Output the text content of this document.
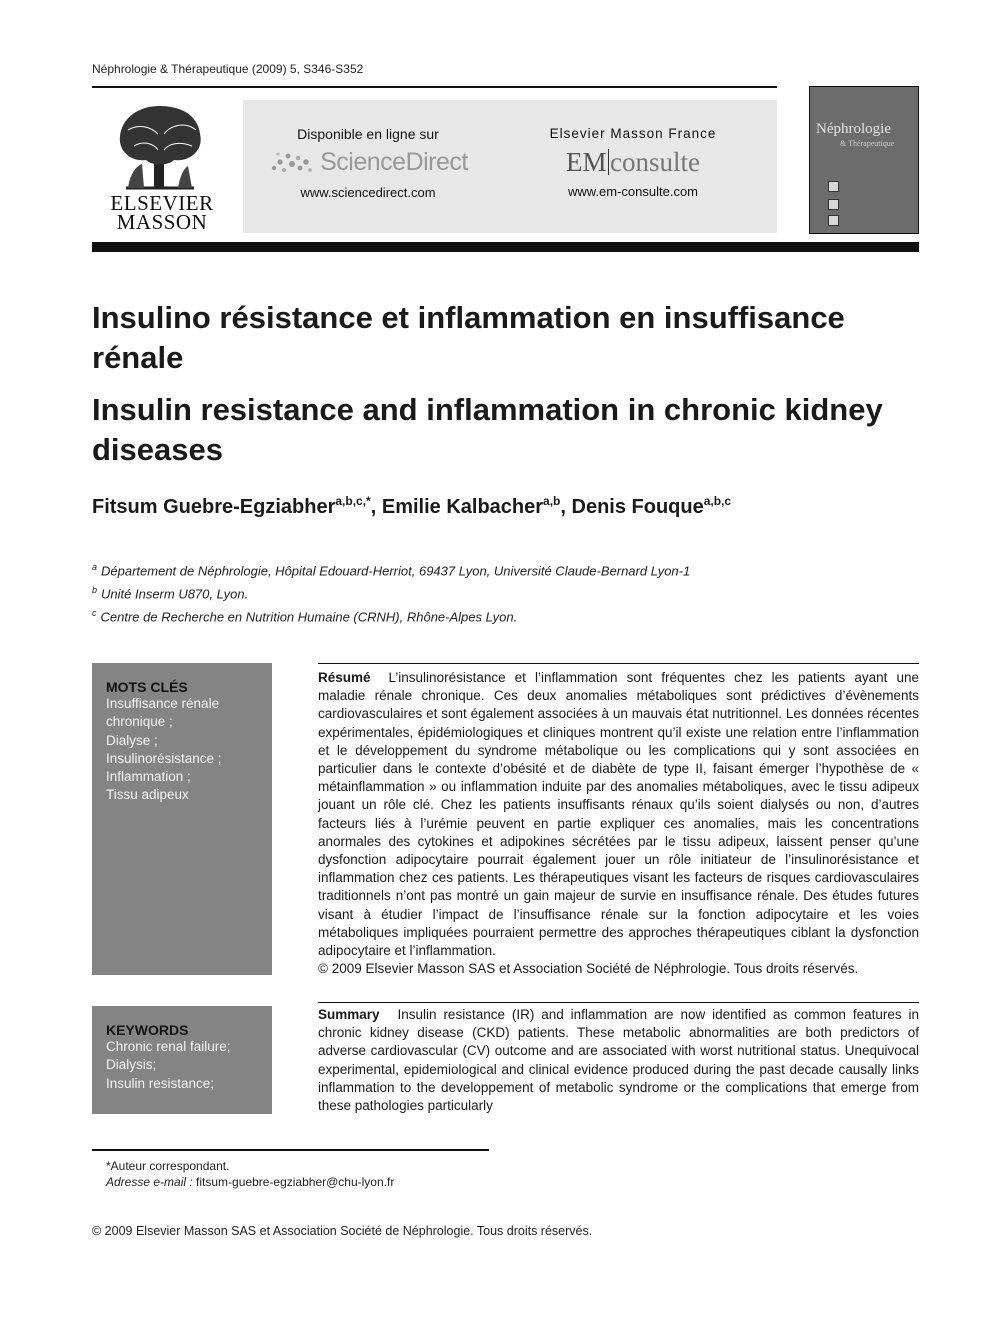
Néphrologie & Thérapeutique (2009) 5, S346-S352
ELSEVIER
MASSON
Disponible en ligne sur
ScienceDirect
www.sciencedirect.com
Elsevier Masson France
EM consulte
www.em-consulte.com
Néphrologie
& Thérapeutique
Insulino résistance et inflammation en insuffisance rénale
Insulin resistance and inflammation in chronic kidney diseases
Fitsum Guebre-Egziabher$^{a,b,c,*}$, Emilie Kalbacher$^{a,b}$, Denis Fouque$^{a,b,c}$
$^a$ Département de Néphrologie, Hôpital Edouard-Herriot, 69437 Lyon, Université Claude-Bernard Lyon-1
$^b$ Unité Inserm U870, Lyon.
$^c$ Centre de Recherche en Nutrition Humaine (CRNH), Rhône-Alpes Lyon.
MOTS CLÉS
Insuffisance rénale
chronique ;
Dialyse ;
Insulinorésistance ;
Inflammation ;
Tissu adipeux
KEYWORDS
Chronic renal failure;
Dialysis;
Insulin resistance;
Résumé L’insulinorésistance et l’inflammation sont fréquentes chez les patients ayant une maladie rénale chronique. Ces deux anomalies métaboliques sont prédictives d’évènements cardiovasculaires et sont également associées à un mauvais état nutritionnel. Les données récentes expérimentales, épidémiologiques et cliniques montrent qu’il existe une relation entre l’inflammation et le développement du syndrome métabolique ou les complications qui y sont associées en particulier dans le contexte d’obésité et de diabète de type II, faisant émerger l’hypothèse de « métainflammation » ou inflammation induite par des anomalies métaboliques, avec le tissu adipeux jouant un rôle clé. Chez les patients insuffisants rénaux qu’ils soient dialysés ou non, d’autres facteurs liés à l’urémie peuvent en partie expliquer ces anomalies, mais les concentrations anormales des cytokines et adipokines sécrétées par le tissu adipeux, laissent penser qu’une dysfonction adipocytaire pourrait également jouer un rôle initiateur de l’insulinorésistance et inflammation chez ces patients. Les thérapeutiques visant les facteurs de risques cardiovasculaires traditionnels n’ont pas montré un gain majeur de survie en insuffisance rénale. Des études futures visant à étudier l’impact de l’insuffisance rénale sur la fonction adipocytaire et les voies métaboliques impliquées pourraient permettre des approches thérapeutiques ciblant la dysfonction adipocytaire et l’inflammation.
© 2009 Elsevier Masson SAS et Association Société de Néphrologie. Tous droits réservés.
Summary Insulin resistance (IR) and inflammation are now identified as common features in chronic kidney disease (CKD) patients. These metabolic abnormalities are both predictors of adverse cardiovascular (CV) outcome and are associated with worst nutritional status. Unequivocal experimental, epidemiological and clinical evidence produced during the past decade causally links inflammation to the developpement of metabolic syndrome or the complications that emerge from these pathologies particularly
*Auteur correspondant.
Adresse e-mail : fitsum-guebre-egziabher@chu-lyon.fr
© 2009 Elsevier Masson SAS et Association Société de Néphrologie. Tous droits réservés.
